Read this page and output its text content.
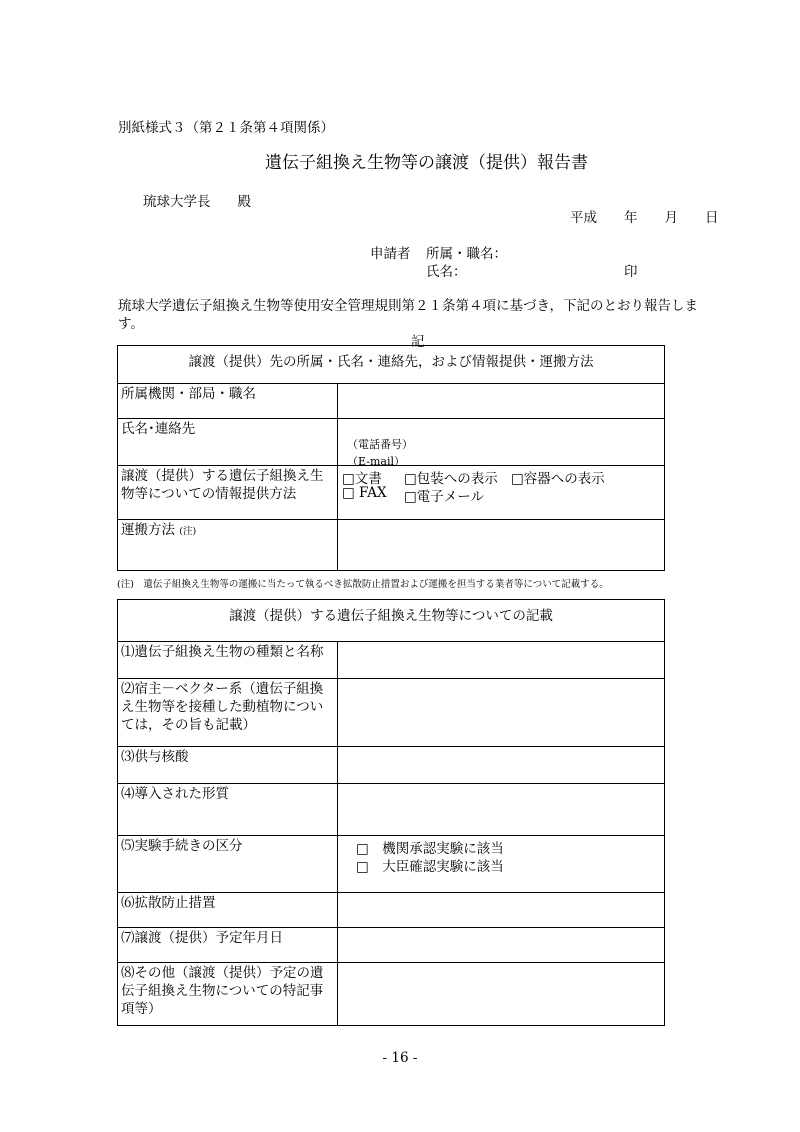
別紙様式３（第２１条第４項関係）
遺伝子組換え生物等の譲渡（提供）報告書
琉球大学長　　殿
平成　　年　　月　　日
申請者 所属・職名：
氏名：	印
琉球大学遺伝子組換え生物等使用安全管理規則第２１条第４項に基づき，下記のとおり報告しま
す。
記
譲渡（提供）先の所属・氏名・連絡先，および情報提供・運搬方法
所属機関・部局・職名
氏名･連絡先
（電話番号）
（E-mail）
譲渡（提供）する遺伝子組換え生
物等についての情報提供方法
□文書 □包装への表示 □容器への表示
□ FAX □電子メール
運搬方法 (注)
(注)　遺伝子組換え生物等の運搬に当たって執るべき拡散防止措置および運搬を担当する業者等について記載する。
譲渡（提供）する遺伝子組換え生物等についての記載
⑴遺伝子組換え生物の種類と名称
⑵宿主－ベクター系（遺伝子組換
え生物等を接種した動植物につい
ては，その旨も記載）
⑶供与核酸
⑷導入された形質
⑸実験手続きの区分	□　機関承認実験に該当
□　大臣確認実験に該当
⑹拡散防止措置
⑺譲渡（提供）予定年月日
⑻その他（譲渡（提供）予定の遺
伝子組換え生物についての特記事
項等）
- 16 -
